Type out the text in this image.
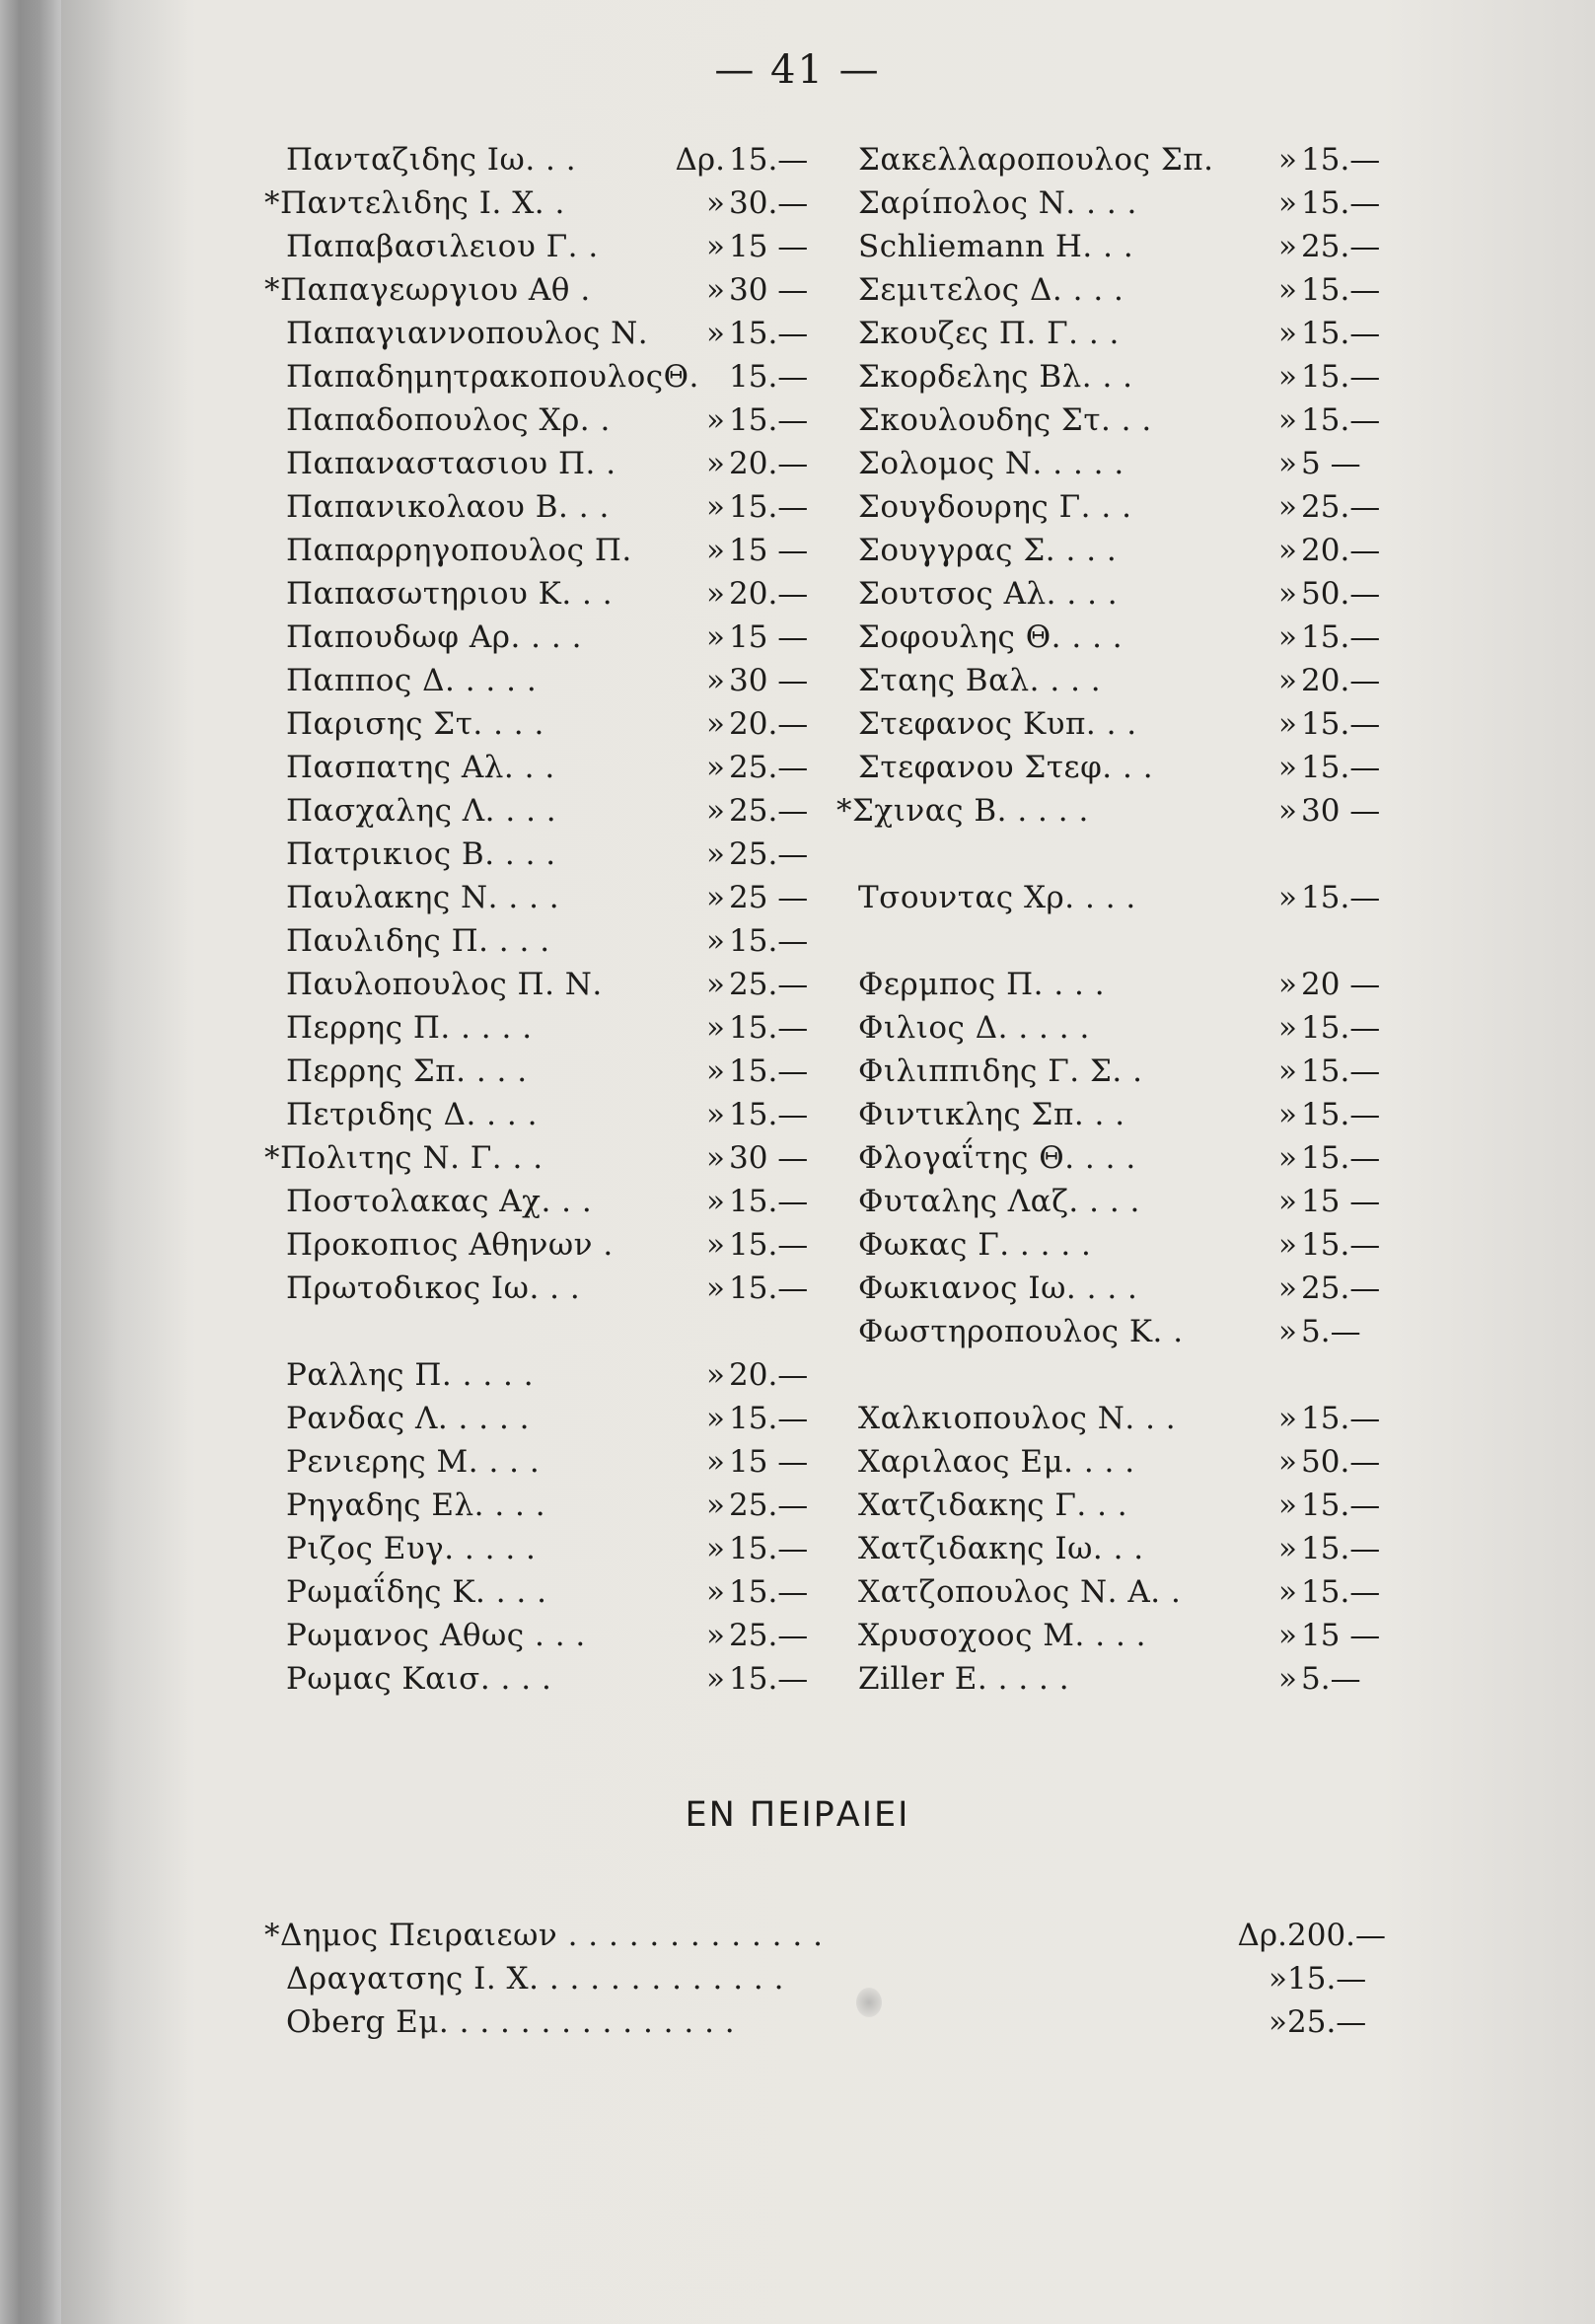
— 41 —
Πανταζιδης Ιω. . .	Δρ. 15.—
*Παντελιδης Ι. Χ. .	» 30.—
Παπαβασιλειου Γ. .	» 15 —
*Παπαγεωργιου Αθ .	» 30 —
Παπαγιαννοπουλος Ν.	» 15.—
ΠαπαδημητρακοπουλοςΘ. 15.—
Παπαδοπουλος Χρ. .	» 15.—
Παπαναστασιου Π. .	» 20.—
Παπανικολαου Β. . .	» 15.—
Παπαρρηγοπουλος Π.	» 15 —
Παπασωτηριου Κ. . .	» 20.—
Παπουδωφ Αρ. . . .	» 15 —
Παππος Δ. . . . .	» 30 —
Παρισης Στ. . . .	» 20.—
Πασπατης Αλ. . .	» 25.—
Πασχαλης Λ. . . .	» 25.—
Πατρικιος Β. . . .	» 25.—
Παυλακης Ν. . . .	» 25 —
Παυλιδης Π. . . .	» 15.—
Παυλοπουλος Π. Ν.	» 25.—
Περρης Π. . . . .	» 15.—
Περρης Σπ. . . .	» 15.—
Πετριδης Δ. . . .	» 15.—
*Πολιτης Ν. Γ. . .	» 30 —
Ποστολακας Αχ. . .	» 15.—
Προκοπιος Αθηνων .	» 15.—
Πρωτοδικος Ιω. . .	» 15.—
Ραλλης Π. . . . .	» 20.—
Ρανδας Λ. . . . .	» 15.—
Ρενιερης Μ. . . .	» 15 —
Ρηγαδης Ελ. . . .	» 25.—
Ριζος Ευγ. . . . .	» 15.—
Ρωμαΐδης Κ. . . .	» 15.—
Ρωμανος Αθως . . .	» 25.—
Ρωμας Καισ. . . .	» 15.—
Σακελλαροπουλος Σπ.	» 15.—
Σαρίπολος Ν. . . .	» 15.—
Schliemann Η. . .	» 25.—
Σεμιτελος Δ. . . .	» 15.—
Σκουζες Π. Γ. . .	» 15.—
Σκορδελης Βλ. . .	» 15.—
Σκουλουδης Στ. . .	» 15.—
Σολομος Ν. . . . .	» 5 —
Σουγδουρης Γ. . .	» 25.—
Σουγγρας Σ. . . .	» 20.—
Σουτσος Αλ. . . .	» 50.—
Σοφουλης Θ. . . .	» 15.—
Σταης Βαλ. . . .	» 20.—
Στεφανος Κυπ. . .	» 15.—
Στεφανου Στεφ. . .	» 15.—
*Σχινας Β. . . . .	» 30 —
Τσουντας Χρ. . . .	» 15.—
Φερμπος Π. . . .	» 20 —
Φιλιος Δ. . . . .	» 15.—
Φιλιππιδης Γ. Σ. .	» 15.—
Φιντικλης Σπ. . .	» 15.—
Φλογαΐτης Θ. . . .	» 15.—
Φυταλης Λαζ. . . .	» 15 —
Φωκας Γ. . . . .	» 15.—
Φωκιανος Ιω. . . .	» 25.—
Φωστηροπουλος Κ. .	» 5.—
Χαλκιοπουλος Ν. . .	» 15.—
Χαριλαος Εμ. . . .	» 50.—
Χατζιδακης Γ. . .	» 15.—
Χατζιδακης Ιω. . .	» 15.—
Χατζοπουλος Ν. Α. .	» 15.—
Χρυσοχοος Μ. . . .	» 15 —
Ziller Ε. . . . .	» 5.—
ΕΝ ΠΕΙΡΑΙΕΙ
*Δημος Πειραιεων . . . . . . . . . . . . .	Δρ. 200.—
Δραγατσης Ι. Χ. . . . . . . . . . . . .	» 15.—
Oberg Εμ. . . . . . . . . . . . . . .	» 25.—
